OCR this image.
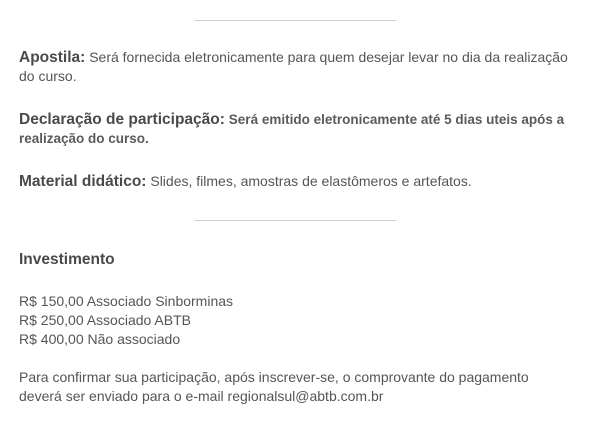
Apostila: Será fornecida eletronicamente para quem desejar levar no dia da realização do curso.
Declaração de participação: Será emitido eletronicamente até 5 dias uteis após a realização do curso.
Material didático: Slides, filmes, amostras de elastômeros e artefatos.
Investimento
R$ 150,00 Associado Sinborminas
R$ 250,00 Associado ABTB
R$ 400,00 Não associado
Para confirmar sua participação, após inscrever-se, o comprovante do pagamento deverá ser enviado para o e-mail regionalsul@abtb.com.br
